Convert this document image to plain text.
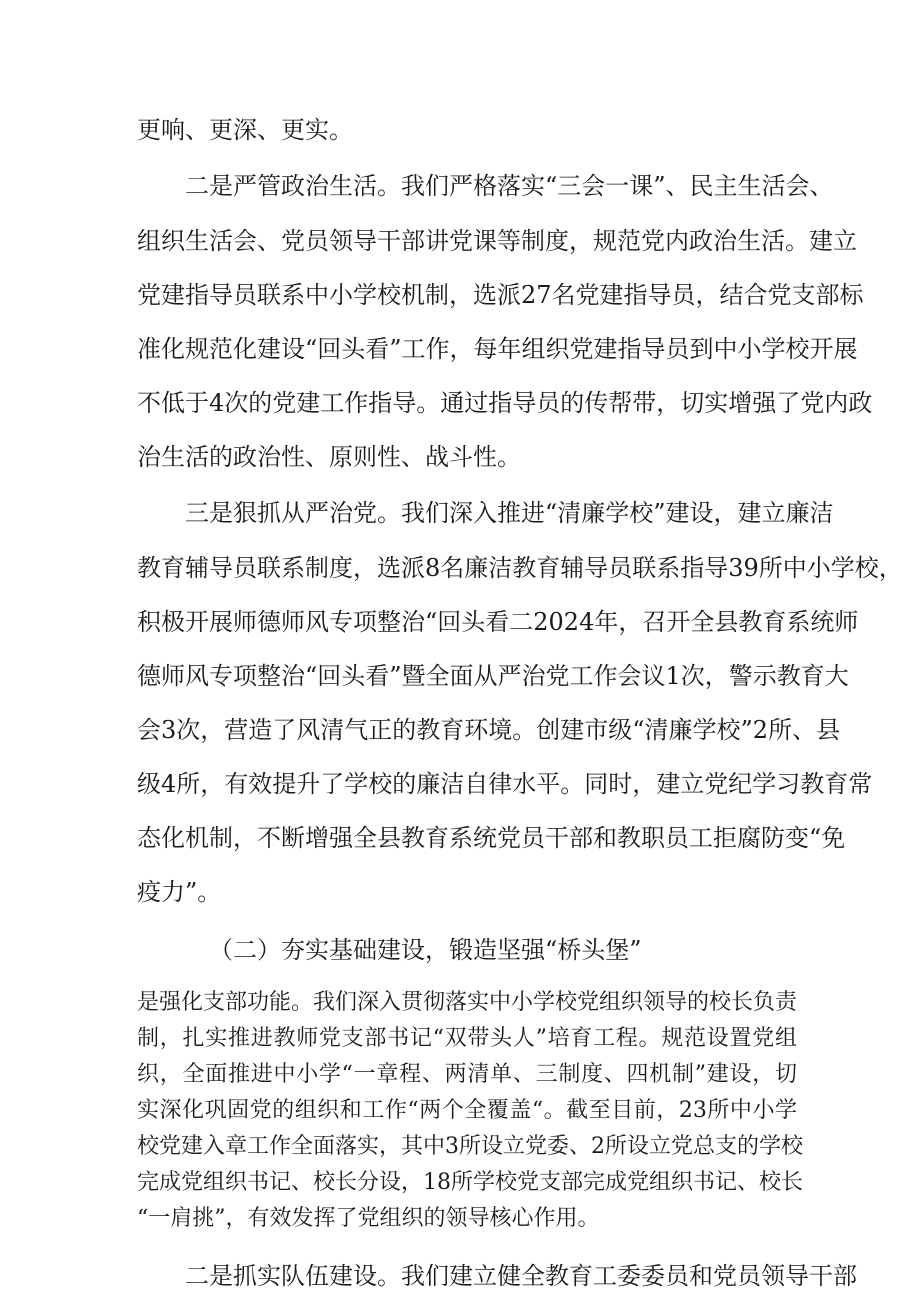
更响、更深、更实。
二是严管政治生活。我们严格落实“三会一课”、民主生活会、
组织生活会、党员领导干部讲党课等制度，规范党内政治生活。建立
党建指导员联系中小学校机制，选派27名党建指导员，结合党支部标
准化规范化建设“回头看”工作，每年组织党建指导员到中小学校开展
不低于4次的党建工作指导。通过指导员的传帮带，切实增强了党内政
治生活的政治性、原则性、战斗性。
三是狠抓从严治党。我们深入推进“清廉学校”建设，建立廉洁
教育辅导员联系制度，选派8名廉洁教育辅导员联系指导39所中小学校，
积极开展师德师风专项整治“回头看二2024年，召开全县教育系统师
德师风专项整治“回头看”暨全面从严治党工作会议1次，警示教育大
会3次，营造了风清气正的教育环境。创建市级“清廉学校”2所、县
级4所，有效提升了学校的廉洁自律水平。同时，建立党纪学习教育常
态化机制，不断增强全县教育系统党员干部和教职员工拒腐防变“免
疫力”。
（二）夯实基础建设，锻造坚强“桥头堡”
是强化支部功能。我们深入贯彻落实中小学校党组织领导的校长负责
制，扎实推进教师党支部书记“双带头人”培育工程。规范设置党组
织，全面推进中小学“一章程、两清单、三制度、四机制”建设，切
实深化巩固党的组织和工作“两个全覆盖“。截至目前，23所中小学
校党建入章工作全面落实，其中3所设立党委、2所设立党总支的学校
完成党组织书记、校长分设，18所学校党支部完成党组织书记、校长
“一肩挑”，有效发挥了党组织的领导核心作用。
二是抓实队伍建设。我们建立健全教育工委委员和党员领导干部
